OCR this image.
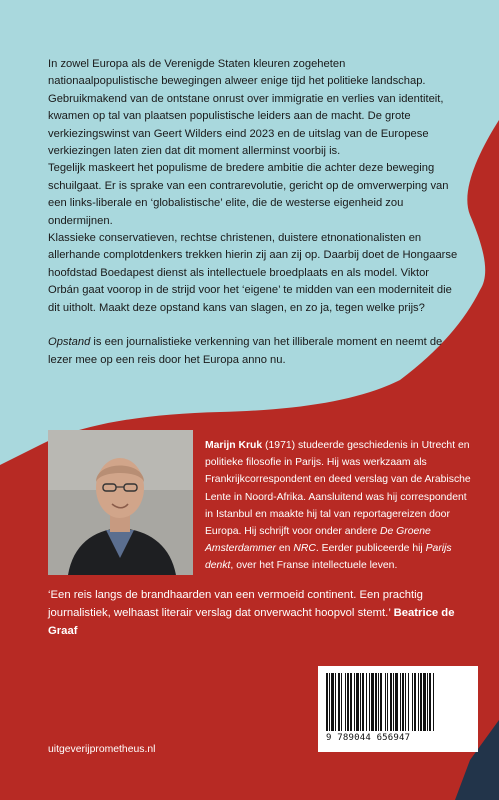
In zowel Europa als de Verenigde Staten kleuren zogeheten nationaalpopulistische bewegingen alweer enige tijd het politieke landschap. Gebruikmakend van de ontstane onrust over immigratie en verlies van identiteit, kwamen op tal van plaatsen populistische leiders aan de macht. De grote verkiezingswinst van Geert Wilders eind 2023 en de uitslag van de Europese verkiezingen laten zien dat dit moment allerminst voorbij is.

Tegelijk maskeert het populisme de bredere ambitie die achter deze beweging schuilgaat. Er is sprake van een contrarevolutie, gericht op de omverwerping van een links-liberale en ‘globalistische’ elite, die de westerse eigenheid zou ondermijnen.

Klassieke conservatieven, rechtse christenen, duistere etnonationalisten en allerhande complotdenkers trekken hierin zij aan zij op. Daarbij doet de Hongaarse hoofdstad Boedapest dienst als intellectuele broedplaats en als model. Viktor Orbán gaat voorop in de strijd voor het ‘eigene’ te midden van een moderniteit die dit uitholt. Maakt deze opstand kans van slagen, en zo ja, tegen welke prijs?

Opstand is een journalistieke verkenning van het illiberale moment en neemt de lezer mee op een reis door het Europa anno nu.

Marijn Kruk (1971) studeerde geschiedenis in Utrecht en politieke filosofie in Parijs. Hij was werkzaam als Frankrijkcorrespondent en deed verslag van de Arabische Lente in Noord-Afrika. Aansluitend was hij correspondent in Istanbul en maakte hij tal van reportagereizen door Europa. Hij schrijft voor onder andere De Groene Amsterdammer en NRC. Eerder publiceerde hij Parijs denkt, over het Franse intellectuele leven.
‘Een reis langs de brandhaarden van een vermoeid continent. Een prachtig journalistiek, welhaast literair verslag dat onverwacht hoopvol stemt.’ Beatrice de Graaf
9 789044 656947
uitgeverijprometheus.nl
